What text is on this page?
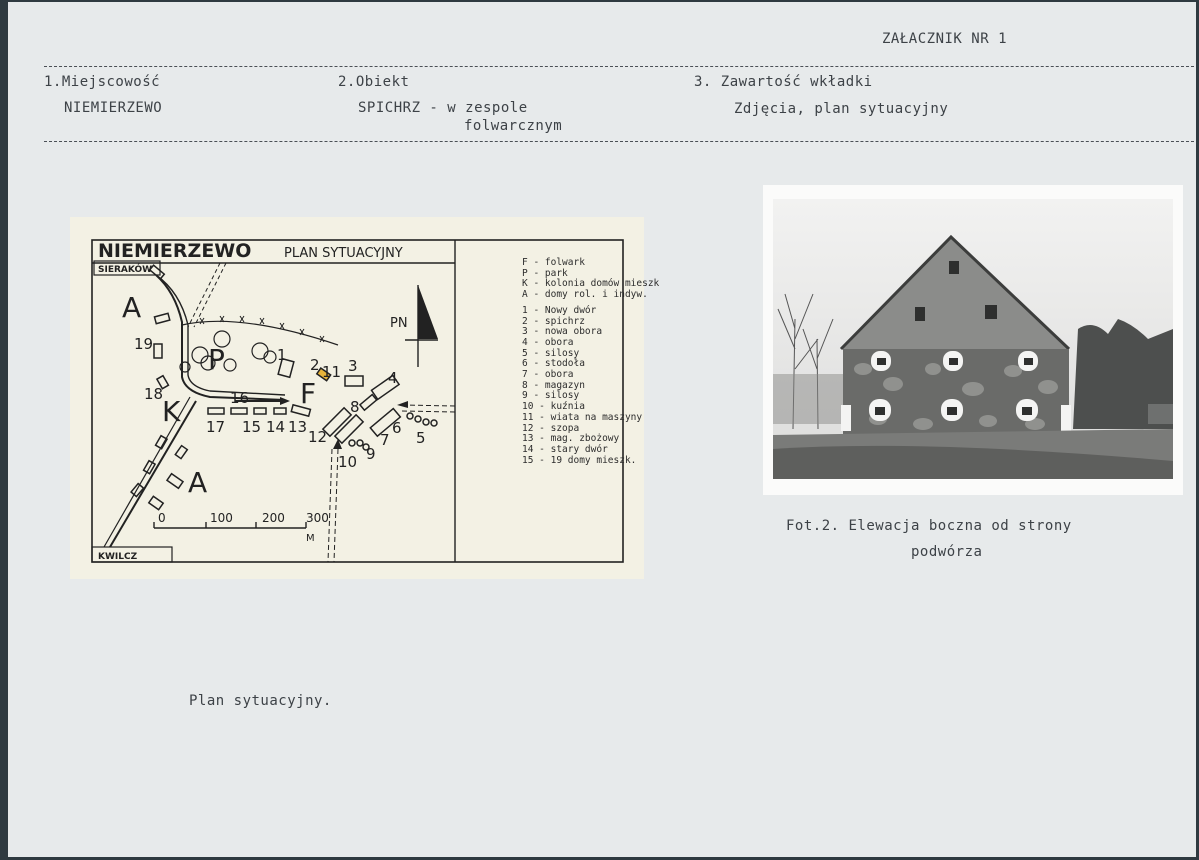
ZAŁACZNIK NR 1
1.Miejscowość
NIEMIERZEWO
2.Obiekt
SPICHRZ - w zespole
folwarcznym
3. Zawartość wkładki
Zdjęcia, plan sytuacyjny
NIEMIERZEWO	PLAN SYTUACYJNY
SIERAKÓW
KWILCZ
PN
A
P
K
A
F
1
2 3
4
5
6
7
8
9
10
11
12
13
14
15
16
17
18
19
0	100 200 300
M
F - folwark
P - park
K - kolonia domów mieszk
A - domy rol. i indyw.
1 - Nowy dwór
2 - spichrz
3 - nowa obora
4 - obora
5 - silosy
6 - stodoła
7 - obora
8 - magazyn
9 - silosy
10 - kuźnia
11 - wiata na maszyny
12 - szopa
13 - mag. zbożowy
14 - stary dwór
15 - 19 domy mieszk.
Fot.2. Elewacja boczna od strony
podwórza
Plan sytuacyjny.
